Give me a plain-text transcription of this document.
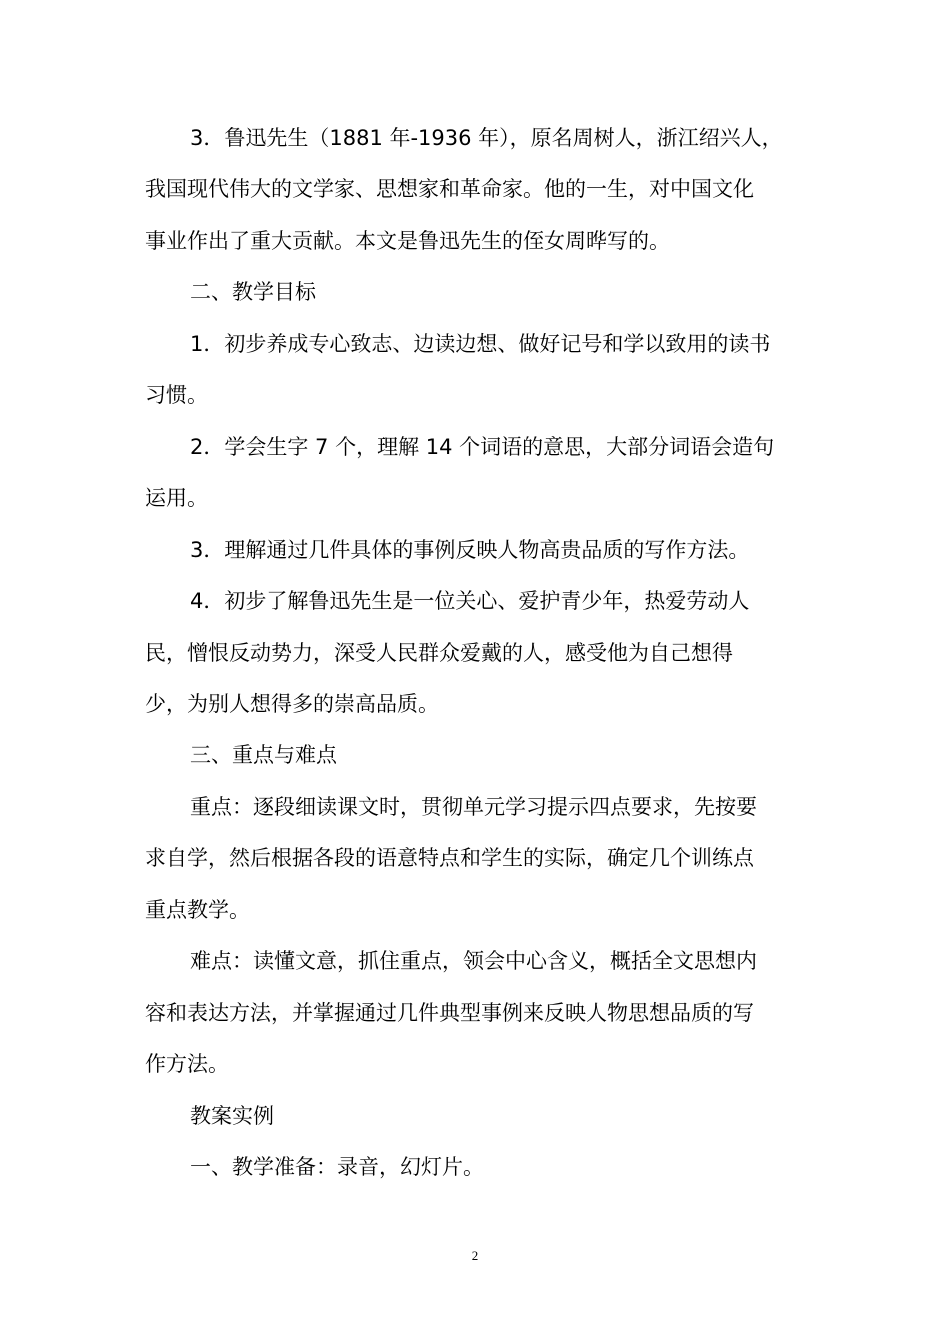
3．鲁迅先生（1881 年-1936 年），原名周树人，浙江绍兴人，
我国现代伟大的文学家、思想家和革命家。他的一生，对中国文化
事业作出了重大贡献。本文是鲁迅先生的侄女周晔写的。
二、教学目标
1．初步养成专心致志、边读边想、做好记号和学以致用的读书
习惯。
2．学会生字 7 个，理解 14 个词语的意思，大部分词语会造句
运用。
3．理解通过几件具体的事例反映人物高贵品质的写作方法。
4．初步了解鲁迅先生是一位关心、爱护青少年，热爱劳动人
民，憎恨反动势力，深受人民群众爱戴的人，感受他为自己想得
少，为别人想得多的崇高品质。
三、重点与难点
重点：逐段细读课文时，贯彻单元学习提示四点要求，先按要
求自学，然后根据各段的语意特点和学生的实际，确定几个训练点
重点教学。
难点：读懂文意，抓住重点，领会中心含义，概括全文思想内
容和表达方法，并掌握通过几件典型事例来反映人物思想品质的写
作方法。
教案实例
一、教学准备：录音，幻灯片。
2
